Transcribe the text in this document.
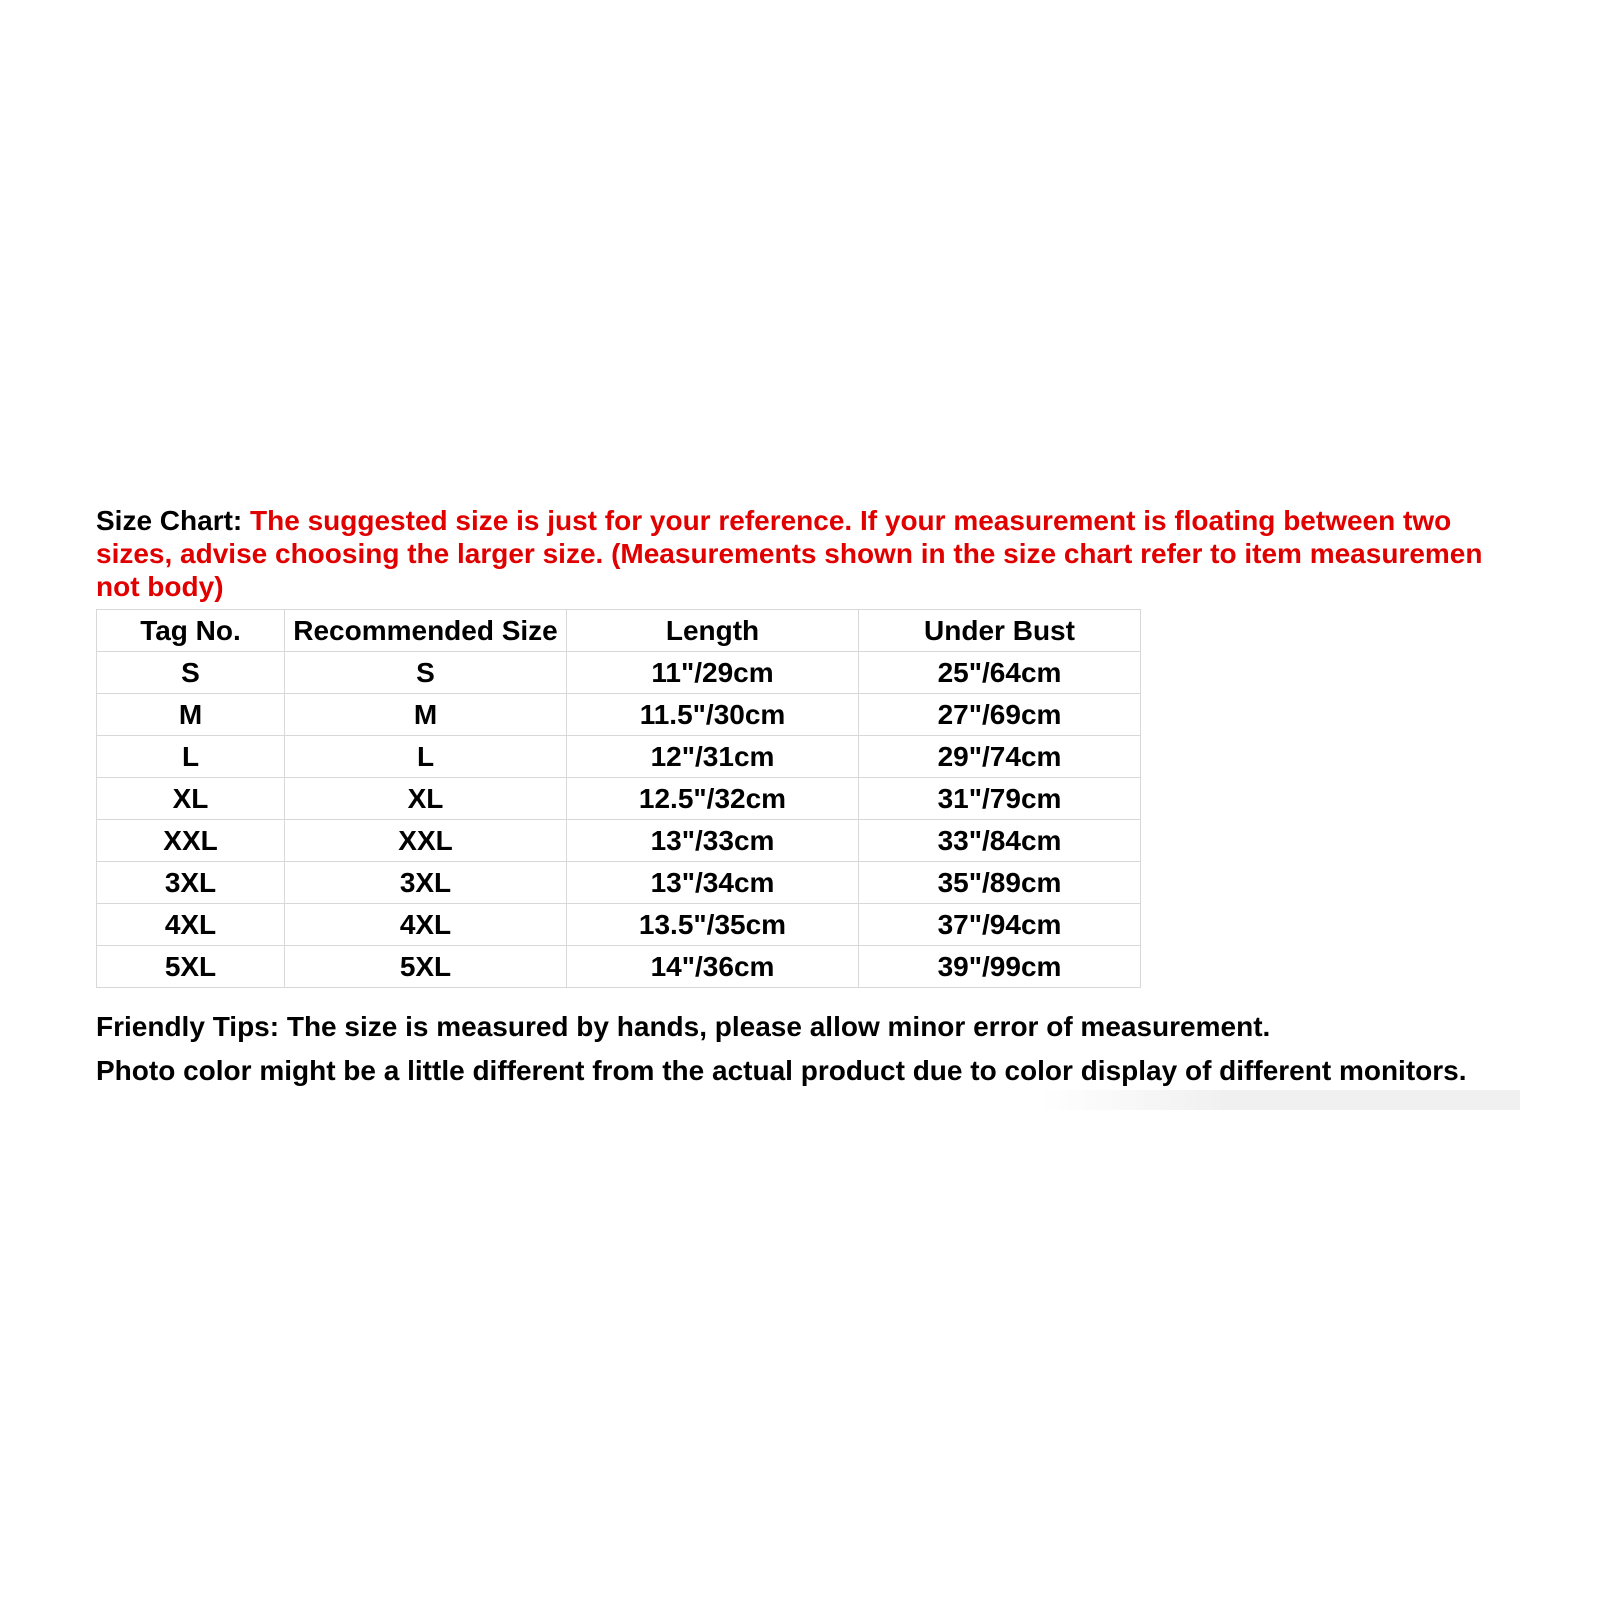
Size Chart: The suggested size is just for your reference. If your measurement is floating between two
sizes, advise choosing the larger size. (Measurements shown in the size chart refer to item measuremen
not body)
Tag No.	Recommended Size	Length	Under Bust
S	S	11"/29cm	25"/64cm
M	M	11.5"/30cm	27"/69cm
L	L	12"/31cm	29"/74cm
XL	XL	12.5"/32cm	31"/79cm
XXL	XXL	13"/33cm	33"/84cm
3XL	3XL	13"/34cm	35"/89cm
4XL	4XL	13.5"/35cm	37"/94cm
5XL	5XL	14"/36cm	39"/99cm
Friendly Tips: The size is measured by hands, please allow minor error of measurement.
Photo color might be a little different from the actual product due to color display of different monitors.
